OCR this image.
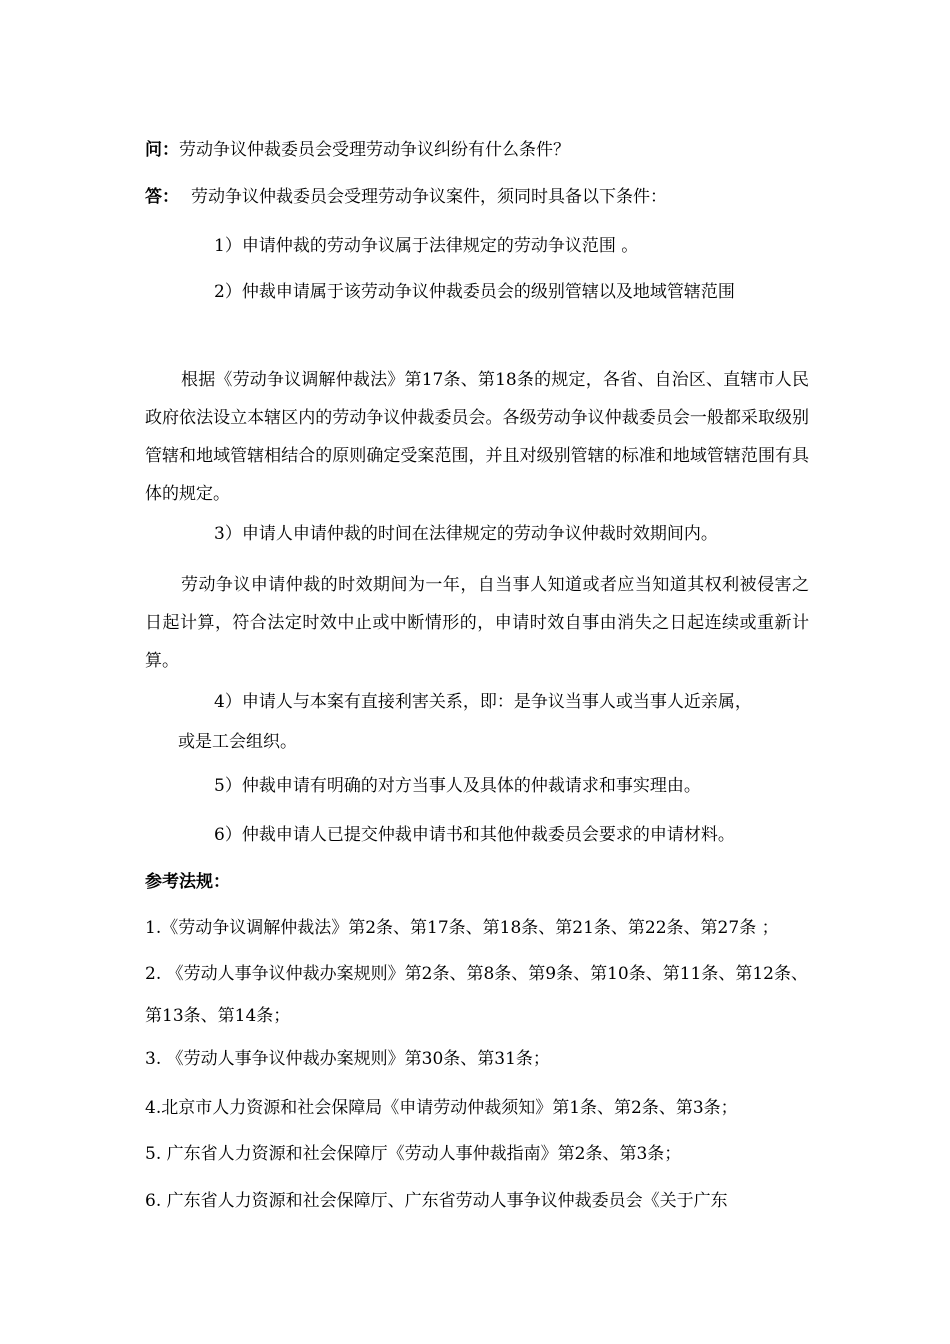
问：劳动争议仲裁委员会受理劳动争议纠纷有什么条件？
答： 劳动争议仲裁委员会受理劳动争议案件，须同时具备以下条件：
1）申请仲裁的劳动争议属于法律规定的劳动争议范围 。
2）仲裁申请属于该劳动争议仲裁委员会的级别管辖以及地域管辖范围
根据《劳动争议调解仲裁法》第17条、第18条的规定，各省、自治区、直辖市人民政府依法设立本辖区内的劳动争议仲裁委员会。各级劳动争议仲裁委员会一般都采取级别管辖和地域管辖相结合的原则确定受案范围，并且对级别管辖的标准和地域管辖范围有具体的规定。
3）申请人申请仲裁的时间在法律规定的劳动争议仲裁时效期间内。
劳动争议申请仲裁的时效期间为一年，自当事人知道或者应当知道其权利被侵害之日起计算，符合法定时效中止或中断情形的，申请时效自事由消失之日起连续或重新计算。
4）申请人与本案有直接利害关系，即：是争议当事人或当事人近亲属，
或是工会组织。
5）仲裁申请有明确的对方当事人及具体的仲裁请求和事实理由。
6）仲裁申请人已提交仲裁申请书和其他仲裁委员会要求的申请材料。
参考法规：
1.《劳动争议调解仲裁法》第2条、第17条、第18条、第21条、第22条、第27条 ；
2. 《劳动人事争议仲裁办案规则》第2条、第8条、第9条、第10条、第11条、第12条、第13条、第14条；
3. 《劳动人事争议仲裁办案规则》第30条、第31条；
4.北京市人力资源和社会保障局《申请劳动仲裁须知》第1条、第2条、第3条；
5. 广东省人力资源和社会保障厅《劳动人事仲裁指南》第2条、第3条；
6. 广东省人力资源和社会保障厅、广东省劳动人事争议仲裁委员会《关于广东
